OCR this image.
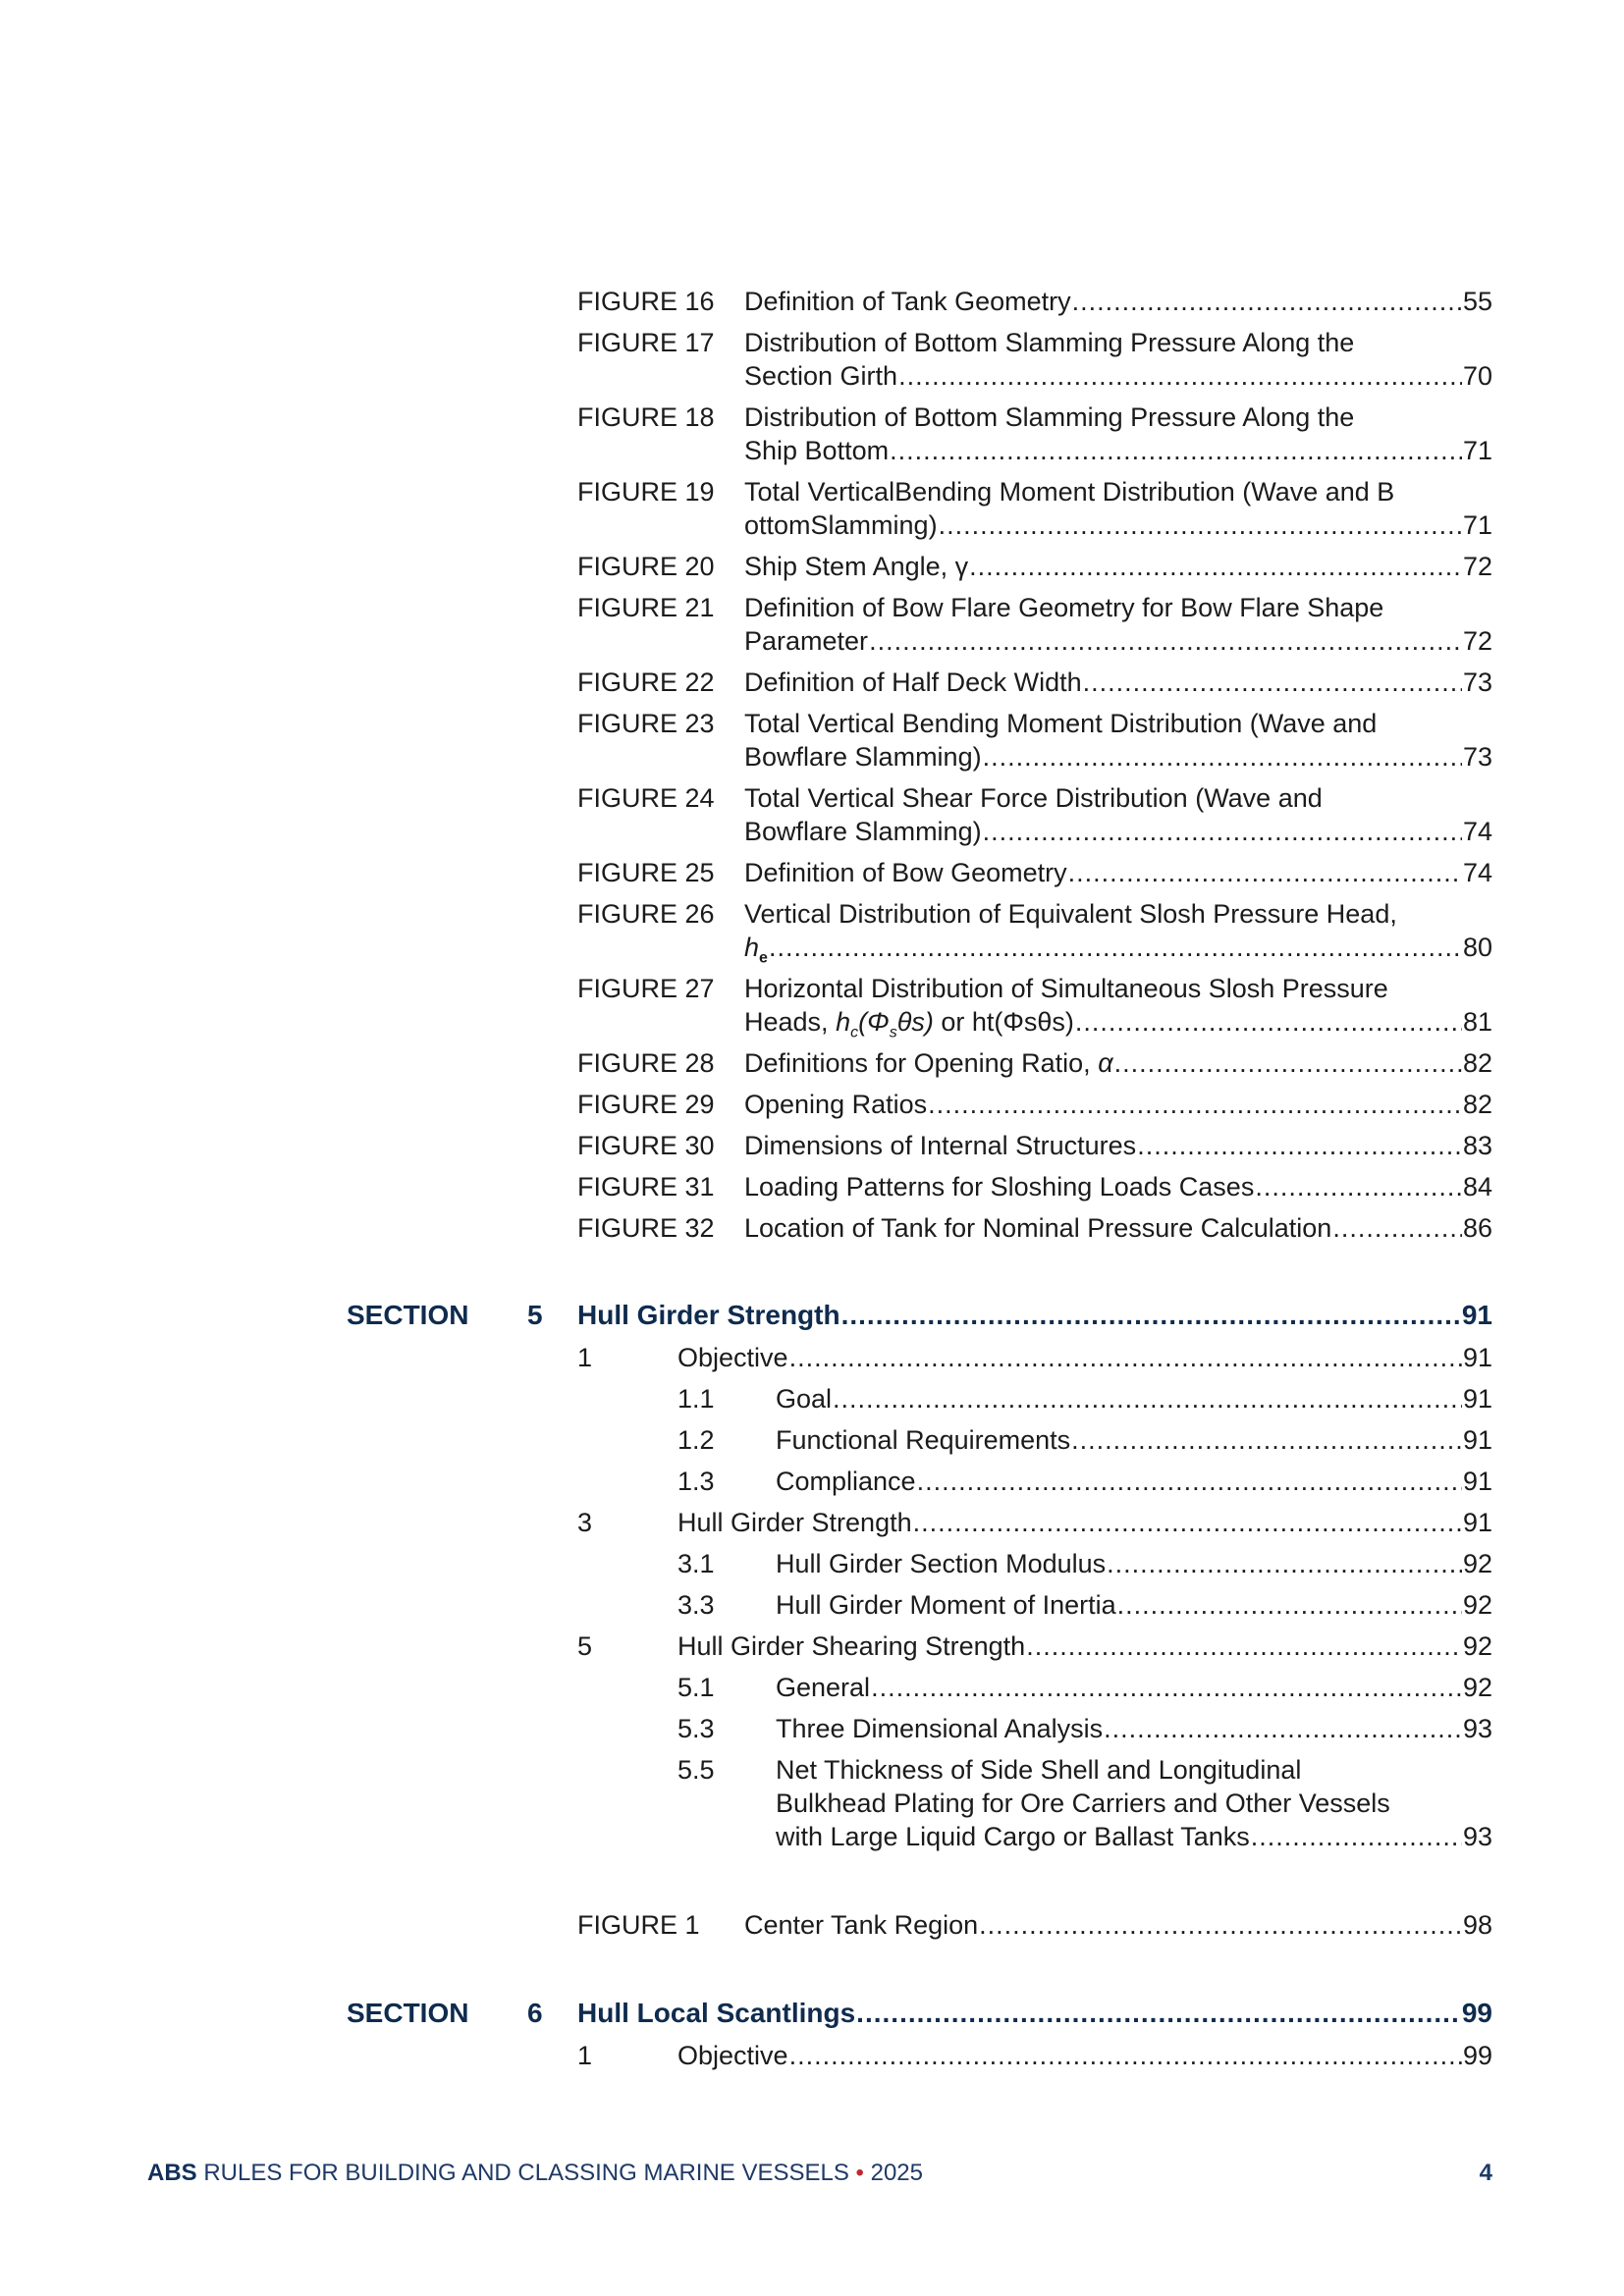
FIGURE 16 Definition of Tank Geometry .....	55
FIGURE 17 Distribution of Bottom Slamming Pressure Along the
Section Girth .....	70
FIGURE 18 Distribution of Bottom Slamming Pressure Along the
Ship Bottom .....	71
FIGURE 19 Total VerticalBending Moment Distribution (Wave and B
ottomSlamming) .....	71
FIGURE 20 Ship Stem Angle, γ .....	72
FIGURE 21 Definition of Bow Flare Geometry for Bow Flare Shape
Parameter .....	72
FIGURE 22 Definition of Half Deck Width .....	73
FIGURE 23 Total Vertical Bending Moment Distribution (Wave and
Bowflare Slamming) .....	73
FIGURE 24 Total Vertical Shear Force Distribution (Wave and
Bowflare Slamming) .....	74
FIGURE 25 Definition of Bow Geometry .....	74
FIGURE 26 Vertical Distribution of Equivalent Slosh Pressure Head,
$h_e$ .....	80
FIGURE 27 Horizontal Distribution of Simultaneous Slosh Pressure
Heads, $h_c(\Phi_s\theta s)$ or ht(Φsθs) .....	81
FIGURE 28 Definitions for Opening Ratio, α .....	82
FIGURE 29 Opening Ratios .....	82
FIGURE 30 Dimensions of Internal Structures .....	83
FIGURE 31 Loading Patterns for Sloshing Loads Cases .....	84
FIGURE 32 Location of Tank for Nominal Pressure Calculation .....	86
SECTION 5 Hull Girder Strength .....	91
1	Objective .....	91
1.1 Goal .....	91
1.2 Functional Requirements .....	91
1.3 Compliance .....	91
3	Hull Girder Strength .....	91
3.1 Hull Girder Section Modulus .....	92
3.3 Hull Girder Moment of Inertia .....	92
5	Hull Girder Shearing Strength .....	92
5.1 General .....	92
5.3 Three Dimensional Analysis .....	93
5.5 Net Thickness of Side Shell and Longitudinal
Bulkhead Plating for Ore Carriers and Other Vessels
with Large Liquid Cargo or Ballast Tanks .....	93
FIGURE 1 Center Tank Region .....	98
SECTION 6 Hull Local Scantlings .....	99
1	Objective .....	99
ABS RULES FOR BUILDING AND CLASSING MARINE VESSELS • 2025	4
